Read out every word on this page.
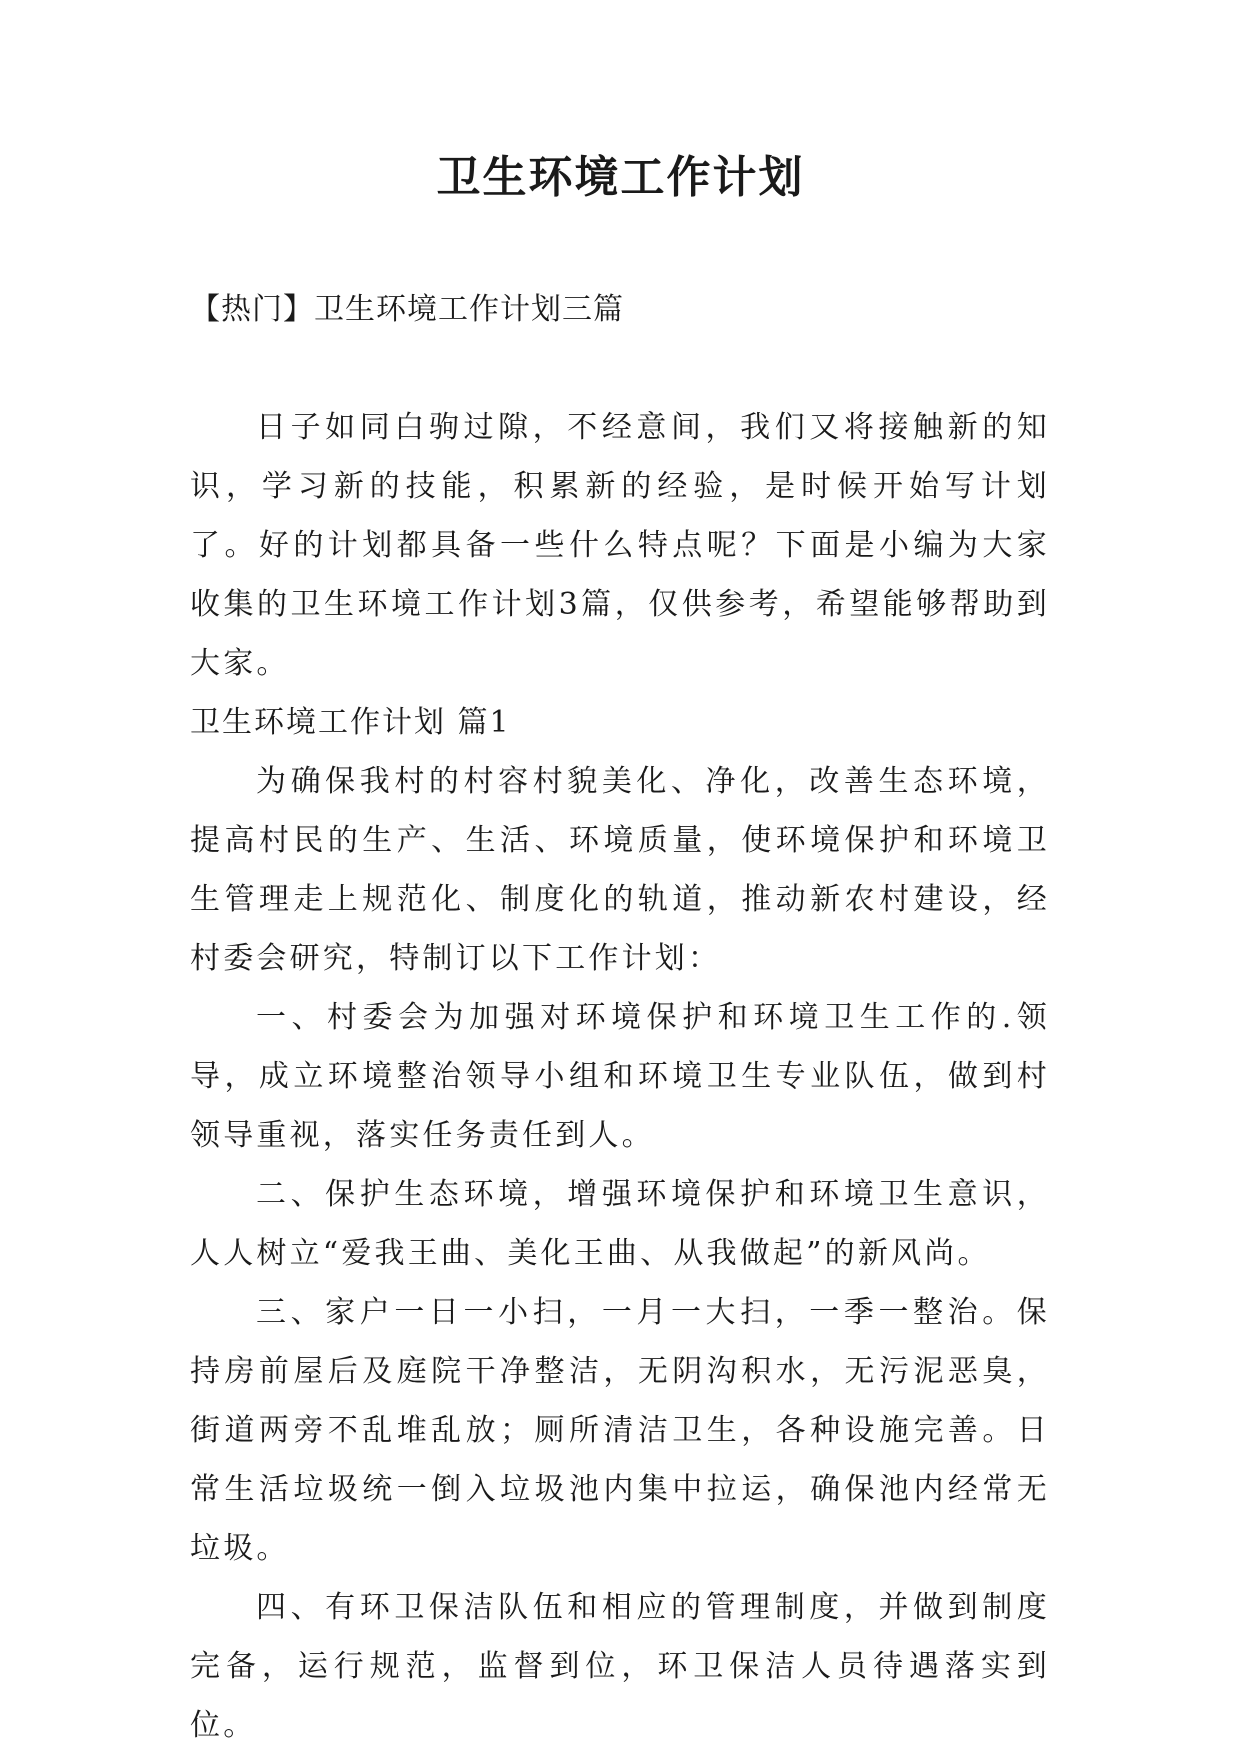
卫生环境工作计划

【热门】卫生环境工作计划三篇

日子如同白驹过隙，不经意间，我们又将接触新的知识，学习新的技能，积累新的经验，是时候开始写计划了。好的计划都具备一些什么特点呢？下面是小编为大家收集的卫生环境工作计划3篇，仅供参考，希望能够帮助到大家。

卫生环境工作计划 篇1

为确保我村的村容村貌美化、净化，改善生态环境，提高村民的生产、生活、环境质量，使环境保护和环境卫生管理走上规范化、制度化的轨道，推动新农村建设，经村委会研究，特制订以下工作计划：

一、村委会为加强对环境保护和环境卫生工作的.领导，成立环境整治领导小组和环境卫生专业队伍，做到村领导重视，落实任务责任到人。

二、保护生态环境，增强环境保护和环境卫生意识，人人树立“爱我王曲、美化王曲、从我做起”的新风尚。

三、家户一日一小扫，一月一大扫，一季一整治。保持房前屋后及庭院干净整洁，无阴沟积水，无污泥恶臭，街道两旁不乱堆乱放；厕所清洁卫生，各种设施完善。日常生活垃圾统一倒入垃圾池内集中拉运，确保池内经常无垃圾。

四、有环卫保洁队伍和相应的管理制度，并做到制度完备，运行规范，监督到位，环卫保洁人员待遇落实到位。
